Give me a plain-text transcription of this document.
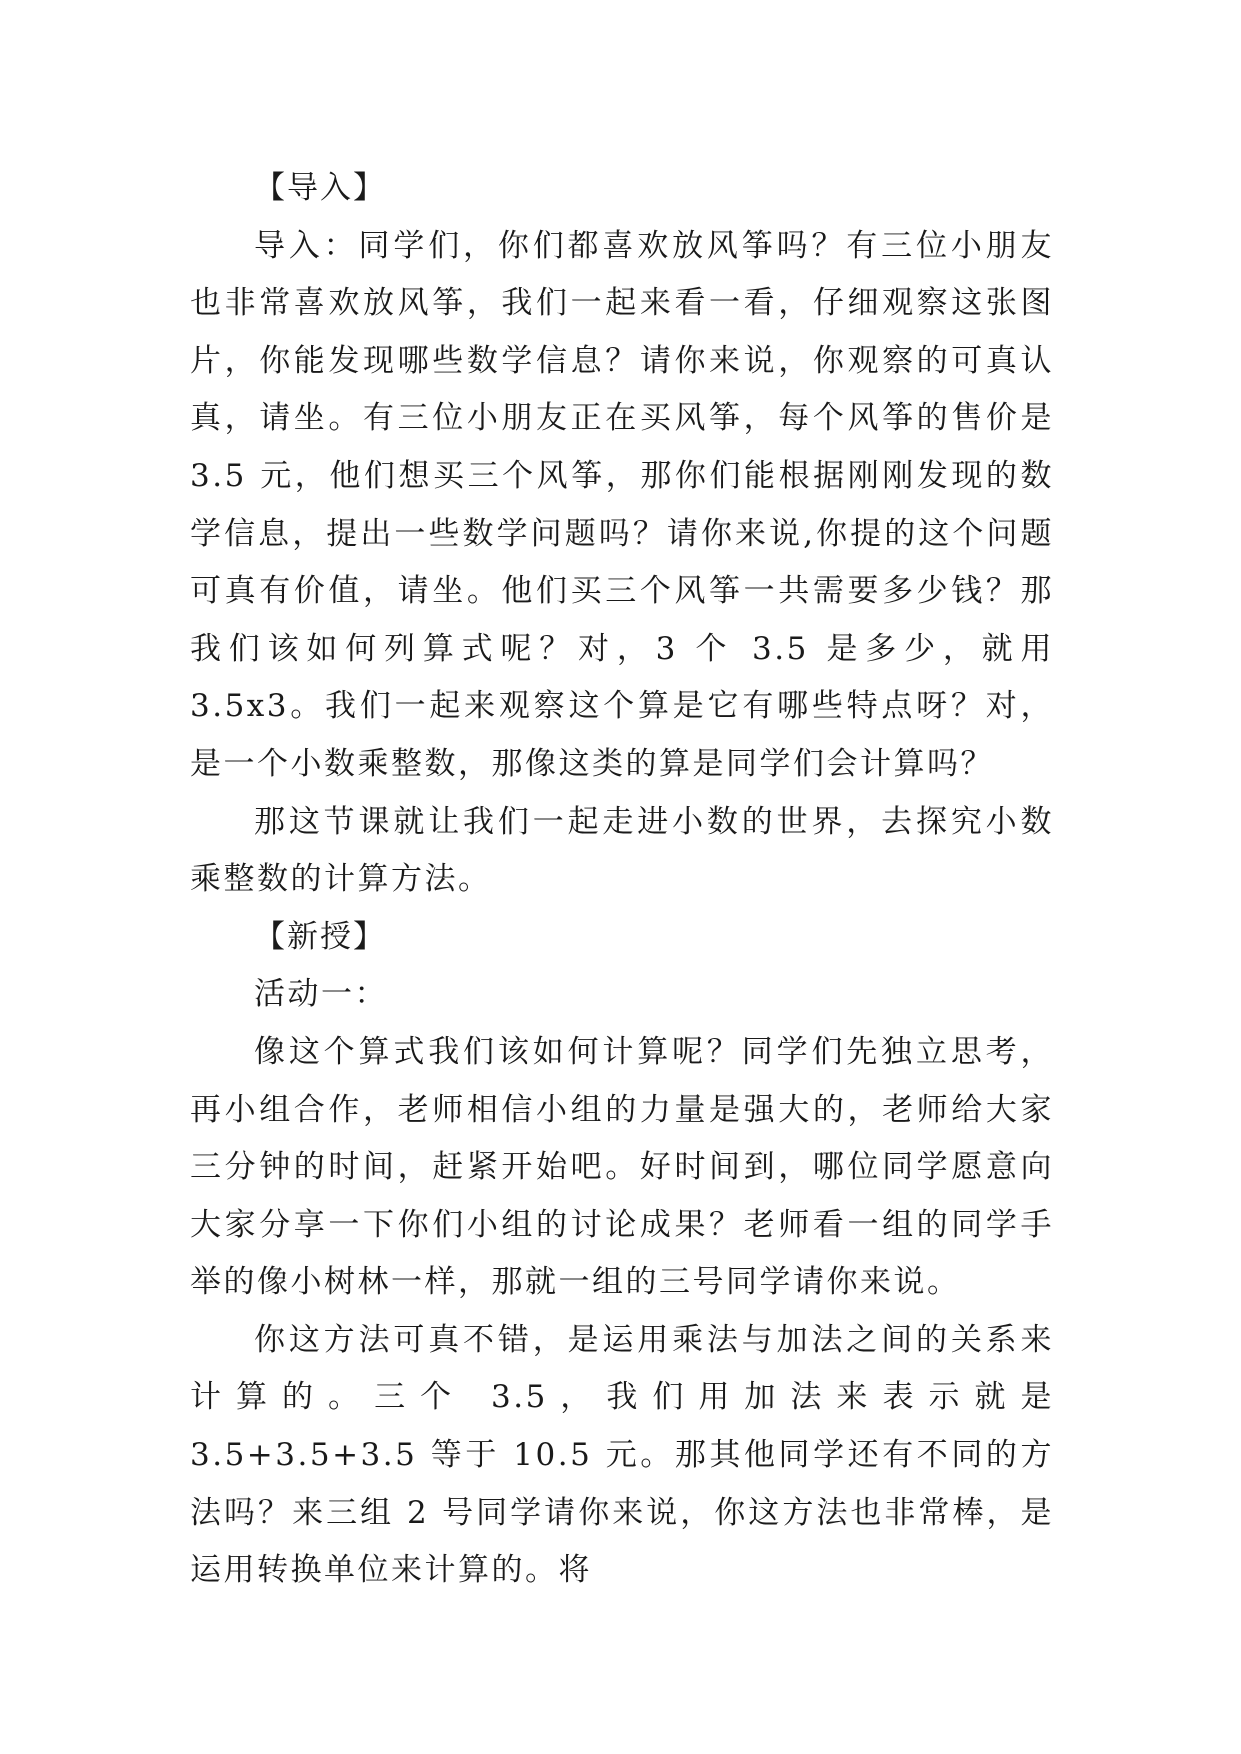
【导入】

导入：同学们，你们都喜欢放风筝吗？有三位小朋友也非常喜欢放风筝，我们一起来看一看，仔细观察这张图片，你能发现哪些数学信息？请你来说，你观察的可真认真，请坐。有三位小朋友正在买风筝，每个风筝的售价是 3.5 元，他们想买三个风筝，那你们能根据刚刚发现的数学信息，提出一些数学问题吗？请你来说,你提的这个问题可真有价值，请坐。他们买三个风筝一共需要多少钱？那我们该如何列算式呢？对，3 个 3.5 是多少，就用 3.5x3。我们一起来观察这个算是它有哪些特点呀？对，是一个小数乘整数，那像这类的算是同学们会计算吗？

那这节课就让我们一起走进小数的世界，去探究小数乘整数的计算方法。

【新授】

活动一：

像这个算式我们该如何计算呢？同学们先独立思考，再小组合作，老师相信小组的力量是强大的，老师给大家三分钟的时间，赶紧开始吧。好时间到，哪位同学愿意向大家分享一下你们小组的讨论成果？老师看一组的同学手举的像小树林一样，那就一组的三号同学请你来说。

你这方法可真不错，是运用乘法与加法之间的关系来计算的。三个 3.5，我们用加法来表示就是 3.5+3.5+3.5 等于 10.5 元。那其他同学还有不同的方法吗？来三组 2 号同学请你来说，你这方法也非常棒，是运用转换单位来计算的。将
